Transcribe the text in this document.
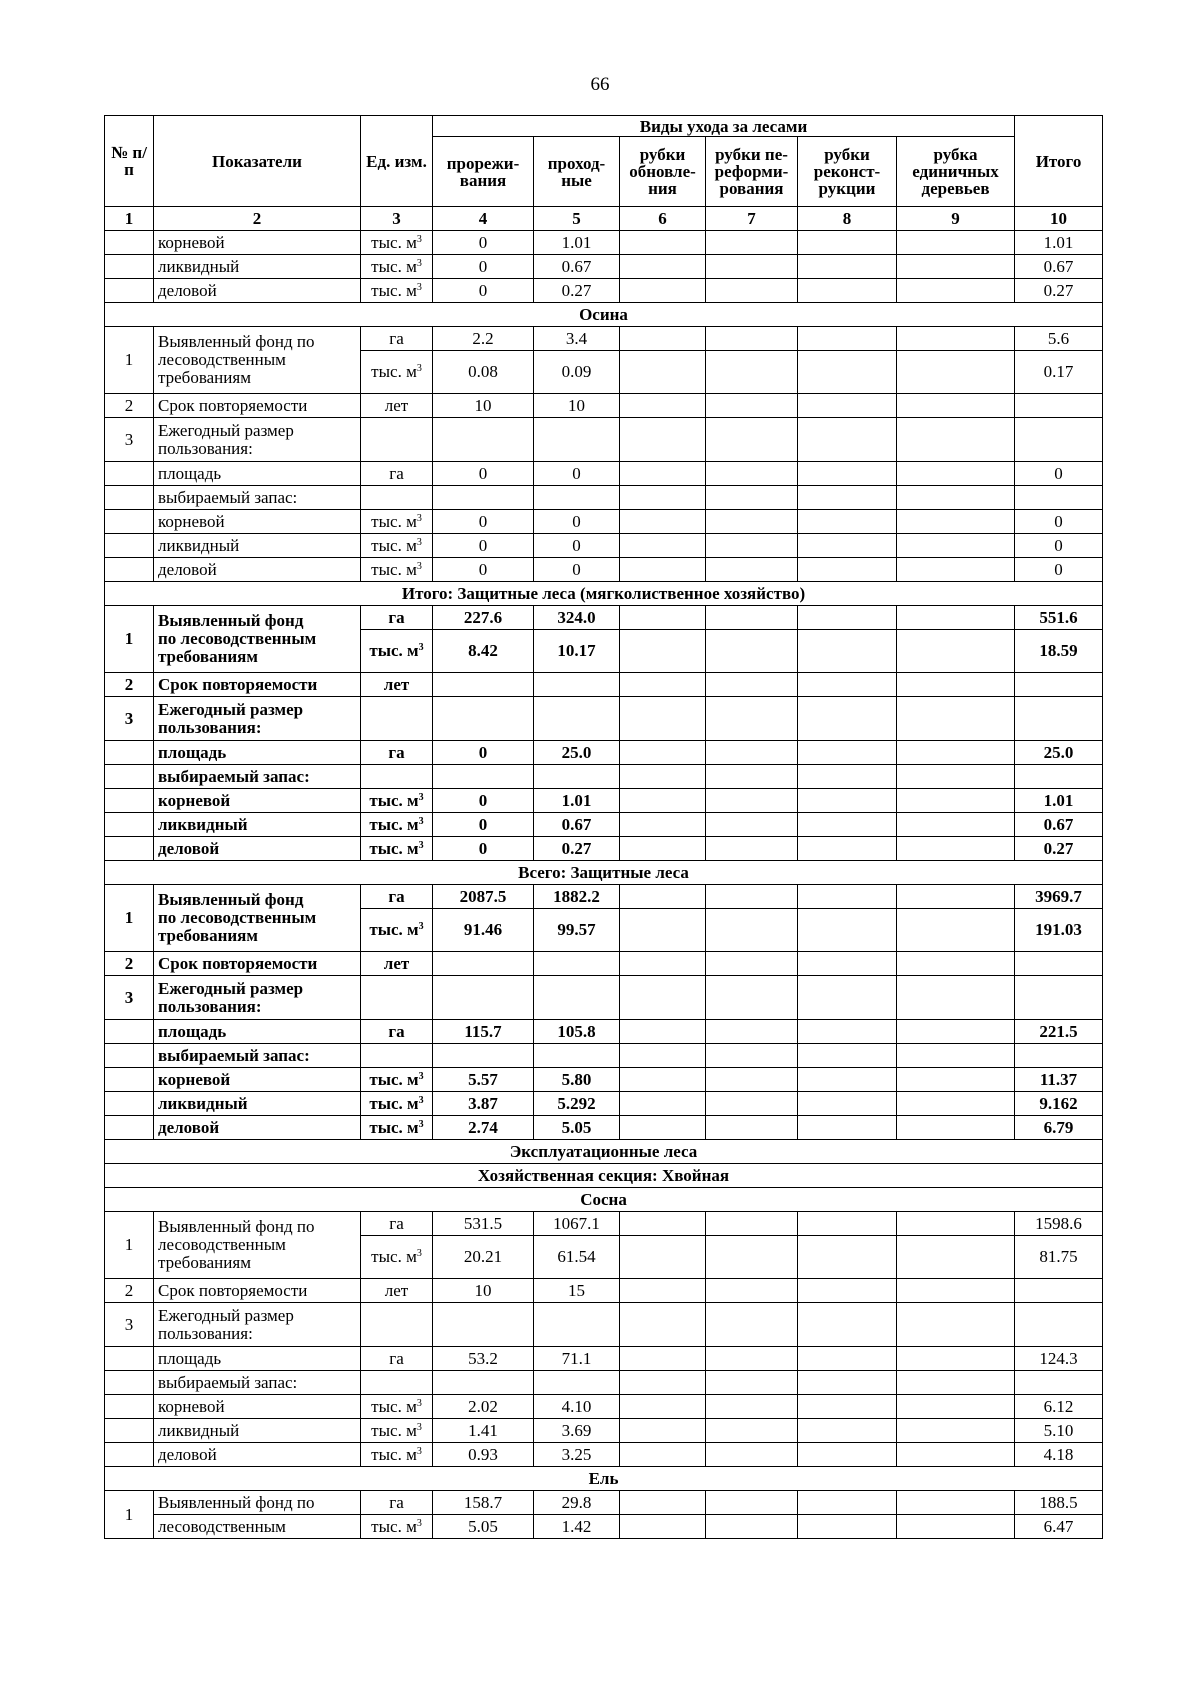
66
№ п/п	Показатели	Ед. изм.	Виды ухода за лесами						Итого
			прорежи-вания	проход-ные	рубки обновле-ния	рубки пе-реформи-рования	рубки реконст-рукции	рубка единичных деревьев	
1	2	3	4	5	6	7	8	9	10
	корневой	тыс. $м^3$	0	1.01					1.01
	ликвидный	тыс. $м^3$	0	0.67					0.67
	деловой	тыс. $м^3$	0	0.27					0.27
Осина									
1	Выявленный фонд по
лесоводственным
требованиям	га	2.2	3.4					5.6
		тыс. $м^3$	0.08	0.09					0.17
2	Срок повторяемости	лет	10	10					
3	Ежегодный размер
пользования:								
	площадь	га	0	0					0
	выбираемый запас:								
	корневой	тыс. $м^3$	0	0					0
	ликвидный	тыс. $м^3$	0	0					0
	деловой	тыс. $м^3$	0	0					0
Итого: Защитные леса (мягколиственное хозяйство)									
1	Выявленный фонд
по лесоводственным
требованиям	га	227.6	324.0					551.6
		тыс. $м^3$	8.42	10.17					18.59
2	Срок повторяемости	лет							
3	Ежегодный размер
пользования:								
	площадь	га	0	25.0					25.0
	выбираемый запас:								
	корневой	тыс. $м^3$	0	1.01					1.01
	ликвидный	тыс. $м^3$	0	0.67					0.67
	деловой	тыс. $м^3$	0	0.27					0.27
Всего: Защитные леса									
1	Выявленный фонд
по лесоводственным
требованиям	га	2087.5	1882.2					3969.7
		тыс. $м^3$	91.46	99.57					191.03
2	Срок повторяемости	лет							
3	Ежегодный размер
пользования:								
	площадь	га	115.7	105.8					221.5
	выбираемый запас:								
	корневой	тыс. $м^3$	5.57	5.80					11.37
	ликвидный	тыс. $м^3$	3.87	5.292					9.162
	деловой	тыс. $м^3$	2.74	5.05					6.79
Эксплуатационные леса									
Хозяйственная секция: Хвойная									
Сосна									
1	Выявленный фонд по
лесоводственным
требованиям	га	531.5	1067.1					1598.6
		тыс. $м^3$	20.21	61.54					81.75
2	Срок повторяемости	лет	10	15					
3	Ежегодный размер
пользования:								
	площадь	га	53.2	71.1					124.3
	выбираемый запас:								
	корневой	тыс. $м^3$	2.02	4.10					6.12
	ликвидный	тыс. $м^3$	1.41	3.69					5.10
	деловой	тыс. $м^3$	0.93	3.25					4.18
Ель									
1	Выявленный фонд по	га	158.7	29.8					188.5
	лесоводственным	тыс. $м^3$	5.05	1.42					6.47
